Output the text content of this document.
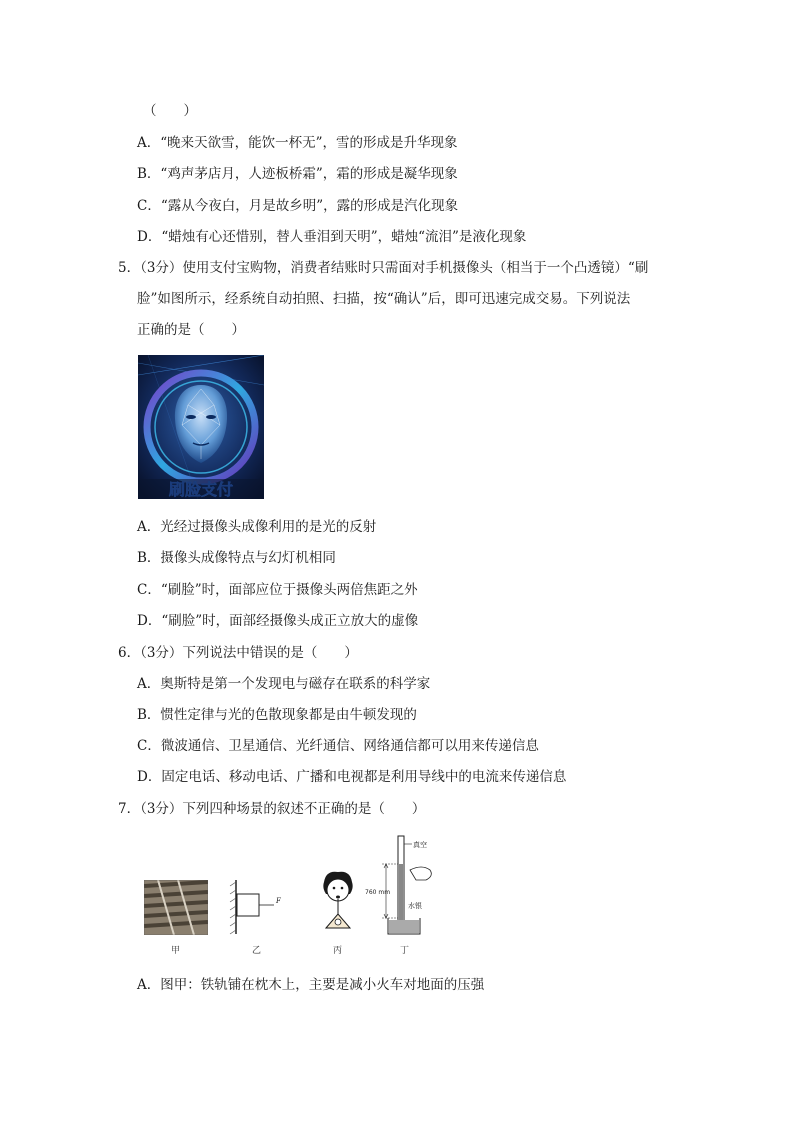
（　　）
A．“晚来天欲雪，能饮一杯无”，雪的形成是升华现象
B．“鸡声茅店月，人迹板桥霜”，霜的形成是凝华现象
C．“露从今夜白，月是故乡明”，露的形成是汽化现象
D．“蜡烛有心还惜别，替人垂泪到天明”，蜡烛“流泪”是液化现象
5．（3分）使用支付宝购物，消费者结账时只需面对手机摄像头（相当于一个凸透镜）“刷
脸”如图所示，经系统自动拍照、扫描，按“确认”后，即可迅速完成交易。下列说法
正确的是（　　）
刷脸支付
A．光经过摄像头成像利用的是光的反射
B．摄像头成像特点与幻灯机相同
C．“刷脸”时，面部应位于摄像头两倍焦距之外
D．“刷脸”时，面部经摄像头成正立放大的虚像
6．（3分）下列说法中错误的是（　　）
A．奥斯特是第一个发现电与磁存在联系的科学家
B．惯性定律与光的色散现象都是由牛顿发现的
C．微波通信、卫星通信、光纤通信、网络通信都可以用来传递信息
D．固定电话、移动电话、广播和电视都是利用导线中的电流来传递信息
7．（3分）下列四种场景的叙述不正确的是（　　）
甲
F
乙	丙
真空
760 mm
水银
丁
A．图甲：铁轨铺在枕木上，主要是减小火车对地面的压强
